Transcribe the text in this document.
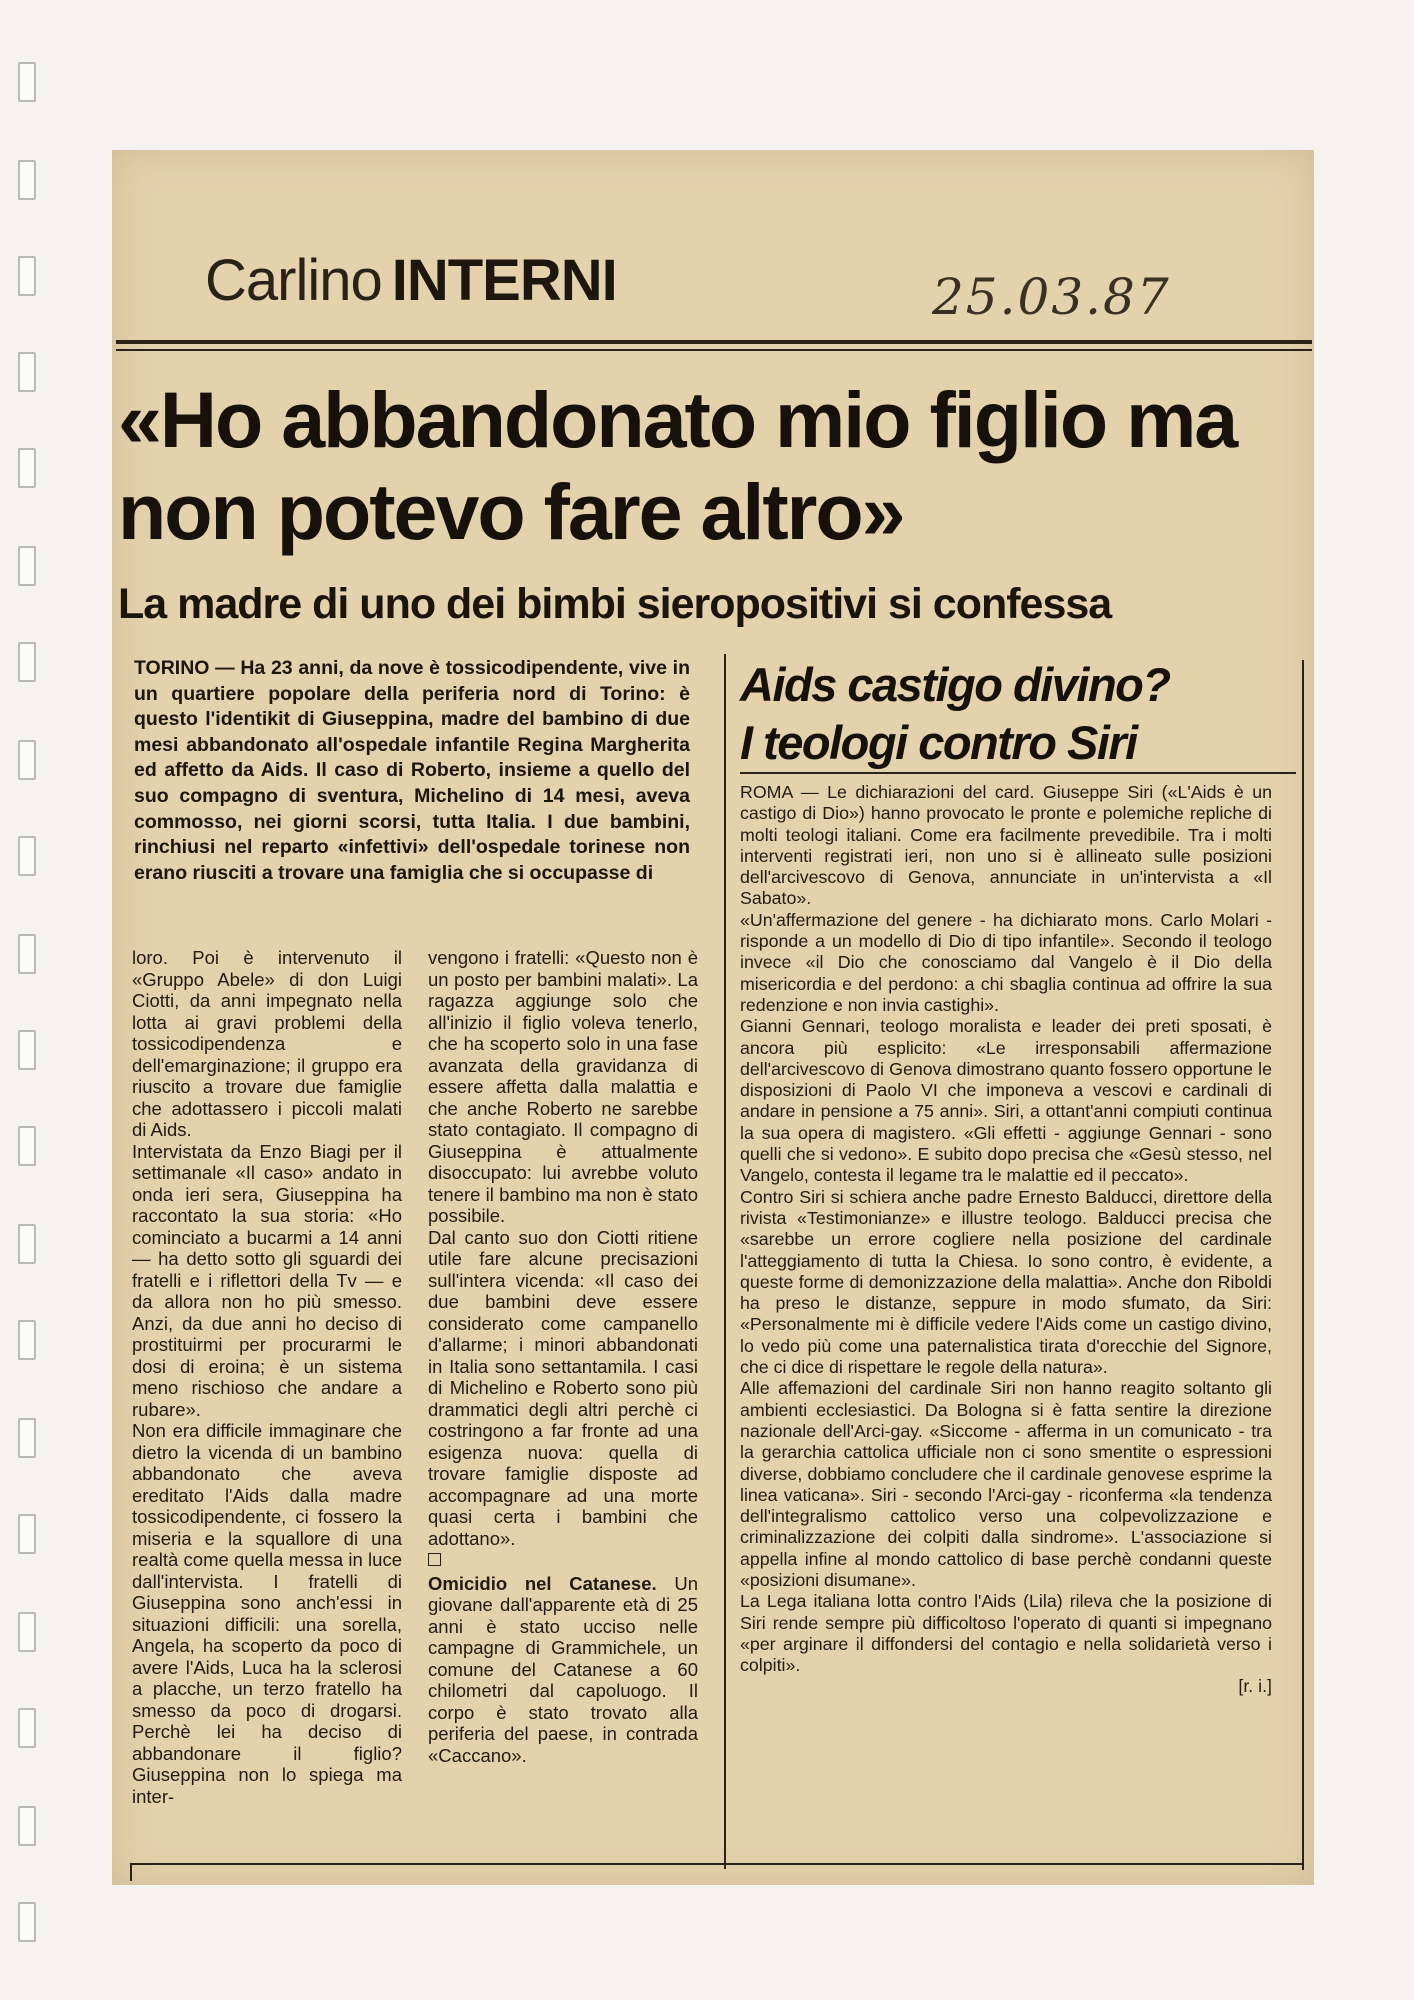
Carlino INTERNI	25.03.87
«Ho abbandonato mio figlio ma non potevo fare altro»
La madre di uno dei bimbi sieropositivi si confessa
TORINO — Ha 23 anni, da nove è tossicodipendente, vive in un quartiere popolare della periferia nord di Torino: è questo l'identikit di Giuseppina, madre del bambino di due mesi abbandonato all'ospedale infantile Regina Margherita ed affetto da Aids. Il caso di Roberto, insieme a quello del suo compagno di sventura, Michelino di 14 mesi, aveva commosso, nei giorni scorsi, tutta Italia. I due bambini, rinchiusi nel reparto «infettivi» dell'ospedale torinese non erano riusciti a trovare una famiglia che si occupasse di

loro. Poi è intervenuto il «Gruppo Abele» di don Luigi Ciotti, da anni impegnato nella lotta ai gravi problemi della tossicodipendenza e dell'emarginazione; il gruppo era riuscito a trovare due famiglie che adottassero i piccoli malati di Aids.

Intervistata da Enzo Biagi per il settimanale «Il caso» andato in onda ieri sera, Giuseppina ha raccontato la sua storia: «Ho cominciato a bucarmi a 14 anni — ha detto sotto gli sguardi dei fratelli e i riflettori della Tv — e da allora non ho più smesso. Anzi, da due anni ho deciso di prostituirmi per procurarmi le dosi di eroina; è un sistema meno rischioso che andare a rubare».

Non era difficile immaginare che dietro la vicenda di un bambino abbandonato che aveva ereditato l'Aids dalla madre tossicodipendente, ci fossero la miseria e la squallore di una realtà come quella messa in luce dall'intervista. I fratelli di Giuseppina sono anch'essi in situazioni difficili: una sorella, Angela, ha scoperto da poco di avere l'Aids, Luca ha la sclerosi a placche, un terzo fratello ha smesso da poco di drogarsi. Perchè lei ha deciso di abbandonare il figlio? Giuseppina non lo spiega ma inter-

vengono i fratelli: «Questo non è un posto per bambini malati». La ragazza aggiunge solo che all'inizio il figlio voleva tenerlo, che ha scoperto solo in una fase avanzata della gravidanza di essere affetta dalla malattia e che anche Roberto ne sarebbe stato contagiato. Il compagno di Giuseppina è attualmente disoccupato: lui avrebbe voluto tenere il bambino ma non è stato possibile.

Dal canto suo don Ciotti ritiene utile fare alcune precisazioni sull'intera vicenda: «Il caso dei due bambini deve essere considerato come campanello d'allarme; i minori abbandonati in Italia sono settantamila. I casi di Michelino e Roberto sono più drammatici degli altri perchè ci costringono a far fronte ad una esigenza nuova: quella di trovare famiglie disposte ad accompagnare ad una morte quasi certa i bambini che adottano».

Omicidio nel Catanese. Un giovane dall'apparente età di 25 anni è stato ucciso nelle campagne di Grammichele, un comune del Catanese a 60 chilometri dal capoluogo. Il corpo è stato trovato alla periferia del paese, in contrada «Caccano».

Aids castigo divino?
I teologi contro Siri

ROMA — Le dichiarazioni del card. Giuseppe Siri («L'Aids è un castigo di Dio») hanno provocato le pronte e polemiche repliche di molti teologi italiani. Come era facilmente prevedibile. Tra i molti interventi registrati ieri, non uno si è allineato sulle posizioni dell'arcivescovo di Genova, annunciate in un'intervista a «Il Sabato».

«Un'affermazione del genere - ha dichiarato mons. Carlo Molari - risponde a un modello di Dio di tipo infantile». Secondo il teologo invece «il Dio che conosciamo dal Vangelo è il Dio della misericordia e del perdono: a chi sbaglia continua ad offrire la sua redenzione e non invia castighi».

Gianni Gennari, teologo moralista e leader dei preti sposati, è ancora più esplicito: «Le irresponsabili affermazione dell'arcivescovo di Genova dimostrano quanto fossero opportune le disposizioni di Paolo VI che imponeva a vescovi e cardinali di andare in pensione a 75 anni». Siri, a ottant'anni compiuti continua la sua opera di magistero. «Gli effetti - aggiunge Gennari - sono quelli che si vedono». E subito dopo precisa che «Gesù stesso, nel Vangelo, contesta il legame tra le malattie ed il peccato».

Contro Siri si schiera anche padre Ernesto Balducci, direttore della rivista «Testimonianze» e illustre teologo. Balducci precisa che «sarebbe un errore cogliere nella posizione del cardinale l'atteggiamento di tutta la Chiesa. Io sono contro, è evidente, a queste forme di demonizzazione della malattia». Anche don Riboldi ha preso le distanze, seppure in modo sfumato, da Siri: «Personalmente mi è difficile vedere l'Aids come un castigo divino, lo vedo più come una paternalistica tirata d'orecchie del Signore, che ci dice di rispettare le regole della natura».

Alle affemazioni del cardinale Siri non hanno reagito soltanto gli ambienti ecclesiastici. Da Bologna si è fatta sentire la direzione nazionale dell'Arci-gay. «Siccome - afferma in un comunicato - tra la gerarchia cattolica ufficiale non ci sono smentite o espressioni diverse, dobbiamo concludere che il cardinale genovese esprime la linea vaticana». Siri - secondo l'Arci-gay - riconferma «la tendenza dell'integralismo cattolico verso una colpevolizzazione e criminalizzazione dei colpiti dalla sindrome». L'associazione si appella infine al mondo cattolico di base perchè condanni queste «posizioni disumane».

La Lega italiana lotta contro l'Aids (Lila) rileva che la posizione di Siri rende sempre più difficoltoso l'operato di quanti si impegnano «per arginare il diffondersi del contagio e nella solidarietà verso i colpiti».

[r. i.]
